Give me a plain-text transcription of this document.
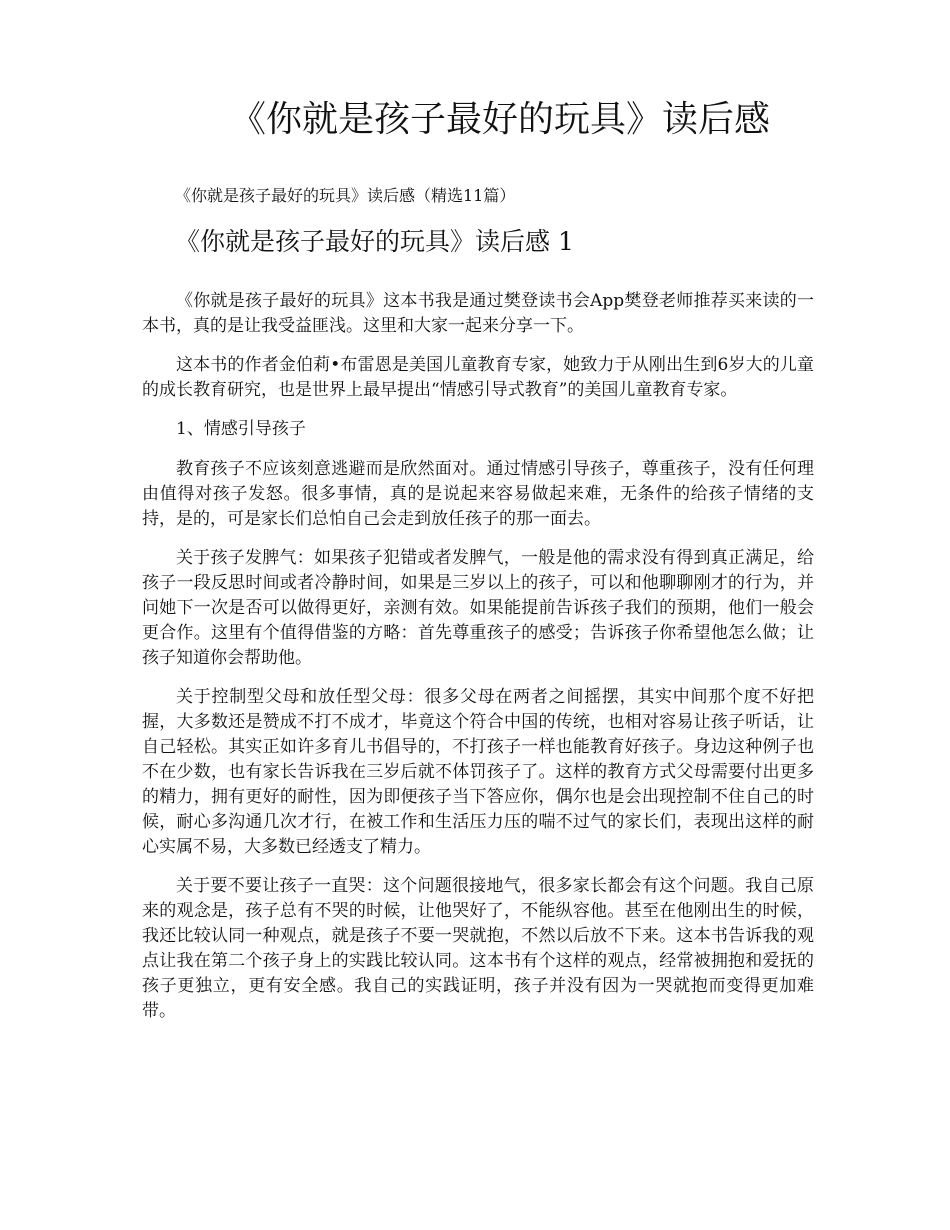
《你就是孩子最好的玩具》读后感

《你就是孩子最好的玩具》读后感（精选11篇）

《你就是孩子最好的玩具》读后感 1

《你就是孩子最好的玩具》这本书我是通过樊登读书会App樊登老师推荐买来读的一本书，真的是让我受益匪浅。这里和大家一起来分享一下。

这本书的作者金伯莉•布雷恩是美国儿童教育专家，她致力于从刚出生到6岁大的儿童的成长教育研究，也是世界上最早提出“情感引导式教育”的美国儿童教育专家。

1、情感引导孩子

教育孩子不应该刻意逃避而是欣然面对。通过情感引导孩子，尊重孩子，没有任何理由值得对孩子发怒。很多事情，真的是说起来容易做起来难，无条件的给孩子情绪的支持，是的，可是家长们总怕自己会走到放任孩子的那一面去。

关于孩子发脾气：如果孩子犯错或者发脾气，一般是他的需求没有得到真正满足，给孩子一段反思时间或者冷静时间，如果是三岁以上的孩子，可以和他聊聊刚才的行为，并问她下一次是否可以做得更好，亲测有效。如果能提前告诉孩子我们的预期，他们一般会更合作。这里有个值得借鉴的方略：首先尊重孩子的感受；告诉孩子你希望他怎么做；让孩子知道你会帮助他。

关于控制型父母和放任型父母：很多父母在两者之间摇摆，其实中间那个度不好把握，大多数还是赞成不打不成才，毕竟这个符合中国的传统，也相对容易让孩子听话，让自己轻松。其实正如许多育儿书倡导的，不打孩子一样也能教育好孩子。身边这种例子也不在少数，也有家长告诉我在三岁后就不体罚孩子了。这样的教育方式父母需要付出更多的精力，拥有更好的耐性，因为即便孩子当下答应你，偶尔也是会出现控制不住自己的时候，耐心多沟通几次才行，在被工作和生活压力压的喘不过气的家长们，表现出这样的耐心实属不易，大多数已经透支了精力。

关于要不要让孩子一直哭：这个问题很接地气，很多家长都会有这个问题。我自己原来的观念是，孩子总有不哭的时候，让他哭好了，不能纵容他。甚至在他刚出生的时候，我还比较认同一种观点，就是孩子不要一哭就抱，不然以后放不下来。这本书告诉我的观点让我在第二个孩子身上的实践比较认同。这本书有个这样的观点，经常被拥抱和爱抚的孩子更独立，更有安全感。我自己的实践证明，孩子并没有因为一哭就抱而变得更加难带。
